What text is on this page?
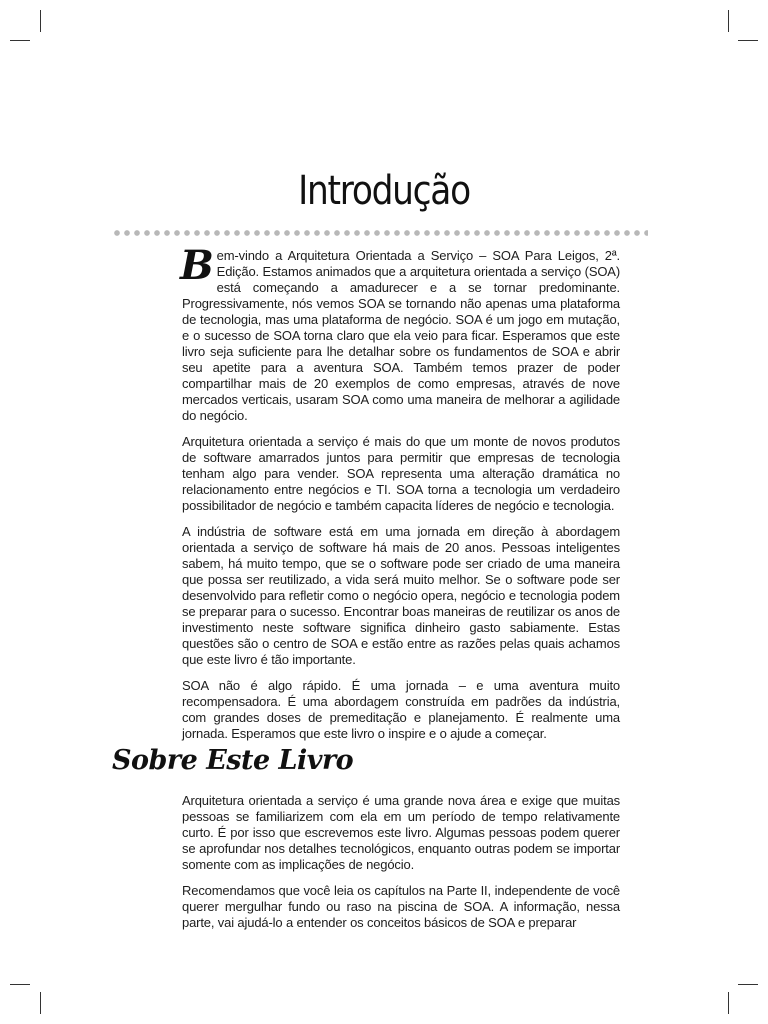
Introdução

Bem-vindo a Arquitetura Orientada a Serviço – SOA Para Leigos, 2ª. Edição. Estamos animados que a arquitetura orientada a serviço (SOA) está começando a amadurecer e a se tornar predominante. Progressivamente, nós vemos SOA se tornando não apenas uma plataforma de tecnologia, mas uma plataforma de negócio. SOA é um jogo em mutação, e o sucesso de SOA torna claro que ela veio para ficar. Esperamos que este livro seja suficiente para lhe detalhar sobre os fundamentos de SOA e abrir seu apetite para a aventura SOA. Também temos prazer de poder compartilhar mais de 20 exemplos de como empresas, através de nove mercados verticais, usaram SOA como uma maneira de melhorar a agilidade do negócio.

Arquitetura orientada a serviço é mais do que um monte de novos produtos de software amarrados juntos para permitir que empresas de tecnologia tenham algo para vender. SOA representa uma alteração dramática no relacionamento entre negócios e TI. SOA torna a tecnologia um verdadeiro possibilitador de negócio e também capacita líderes de negócio e tecnologia.

A indústria de software está em uma jornada em direção à abordagem orientada a serviço de software há mais de 20 anos. Pessoas inteligentes sabem, há muito tempo, que se o software pode ser criado de uma maneira que possa ser reutilizado, a vida será muito melhor. Se o software pode ser desenvolvido para refletir como o negócio opera, negócio e tecnologia podem se preparar para o sucesso. Encontrar boas maneiras de reutilizar os anos de investimento neste software significa dinheiro gasto sabiamente. Estas questões são o centro de SOA e estão entre as razões pelas quais achamos que este livro é tão importante.

SOA não é algo rápido. É uma jornada – e uma aventura muito recompensadora. É uma abordagem construída em padrões da indústria, com grandes doses de premeditação e planejamento. É realmente uma jornada. Esperamos que este livro o inspire e o ajude a começar.

Sobre Este Livro

Arquitetura orientada a serviço é uma grande nova área e exige que muitas pessoas se familiarizem com ela em um período de tempo relativamente curto. É por isso que escrevemos este livro. Algumas pessoas podem querer se aprofundar nos detalhes tecnológicos, enquanto outras podem se importar somente com as implicações de negócio.

Recomendamos que você leia os capítulos na Parte II, independente de você querer mergulhar fundo ou raso na piscina de SOA. A informação, nessa parte, vai ajudá-lo a entender os conceitos básicos de SOA e preparar
